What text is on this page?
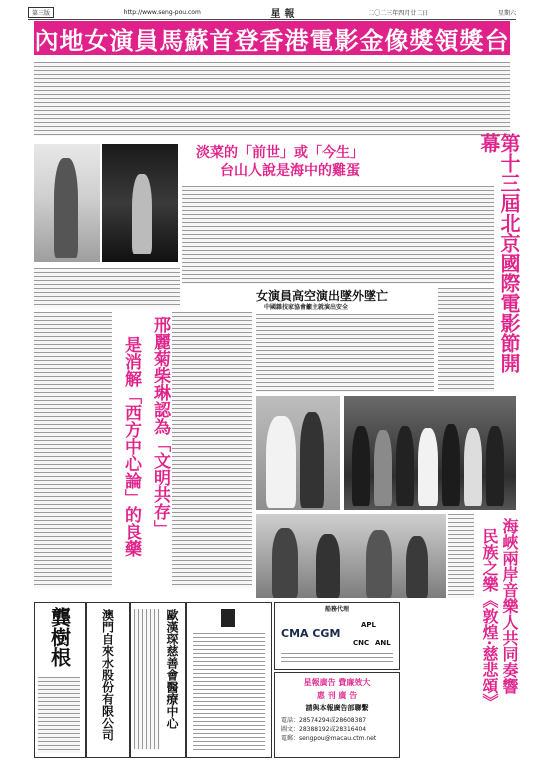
第三版	http://www.seng-pou.com	星報	二〇二三年四月廿二日	星期六
內地女演員馬蘇首登香港電影金像獎領獎台
淡菜的「前世」或「今生」
台山人說是海中的雞蛋	第十三屆北京國際電影節開幕
女演員高空演出墜外墜亡
中國雜技家協會籲主就演出安全
邢麗菊柴琳認為「文明共存」
是消解「西方中心論」的良藥
海峽兩岸音樂人共同奏響
民族之樂《敦煌·慈悲頌》
龔樹根 澳門自來水股份有限公司	歐漢琛慈善會醫療中心	船務代理
CMA CGM
APL
CNC ANL
星報廣告 費廉效大
惠 刊 廣 告
請與本報廣告部聯繫
電話：28574294或28608387
圖文：28388192或28316404
電郵：sengpou@macau.ctm.net
